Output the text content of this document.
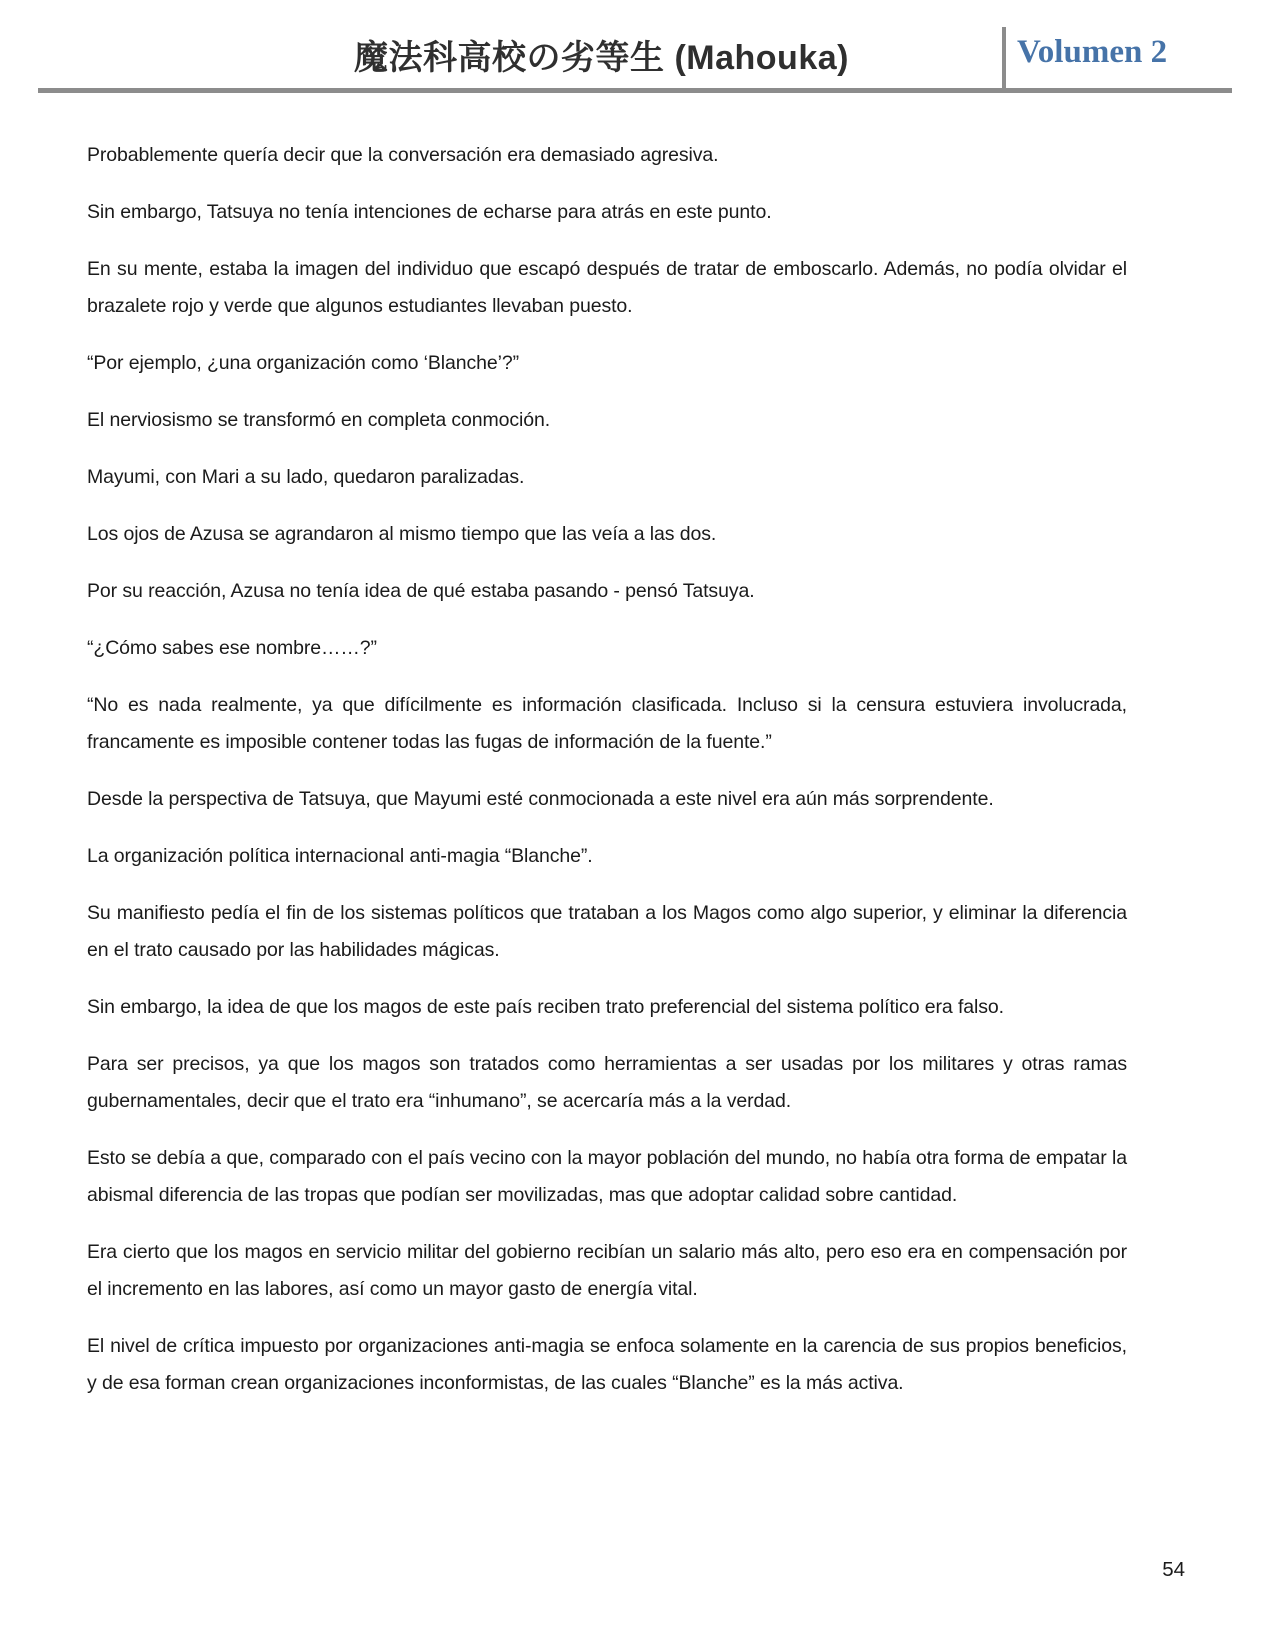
魔法科高校の劣等生 (Mahouka)	Volumen 2

Probablemente quería decir que la conversación era demasiado agresiva.

Sin embargo, Tatsuya no tenía intenciones de echarse para atrás en este punto.

En su mente, estaba la imagen del individuo que escapó después de tratar de emboscarlo. Además, no podía olvidar el brazalete rojo y verde que algunos estudiantes llevaban puesto.

“Por ejemplo, ¿una organización como ‘Blanche’?”

El nerviosismo se transformó en completa conmoción.

Mayumi, con Mari a su lado, quedaron paralizadas.

Los ojos de Azusa se agrandaron al mismo tiempo que las veía a las dos.

Por su reacción, Azusa no tenía idea de qué estaba pasando - pensó Tatsuya.

“¿Cómo sabes ese nombre……?”

“No es nada realmente, ya que difícilmente es información clasificada. Incluso si la censura estuviera involucrada, francamente es imposible contener todas las fugas de información de la fuente.”

Desde la perspectiva de Tatsuya, que Mayumi esté conmocionada a este nivel era aún más sorprendente.

La organización política internacional anti-magia “Blanche”.

Su manifiesto pedía el fin de los sistemas políticos que trataban a los Magos como algo superior, y eliminar la diferencia en el trato causado por las habilidades mágicas.

Sin embargo, la idea de que los magos de este país reciben trato preferencial del sistema político era falso.

Para ser precisos, ya que los magos son tratados como herramientas a ser usadas por los militares y otras ramas gubernamentales, decir que el trato era “inhumano”, se acercaría más a la verdad.

Esto se debía a que, comparado con el país vecino con la mayor población del mundo, no había otra forma de empatar la abismal diferencia de las tropas que podían ser movilizadas, mas que adoptar calidad sobre cantidad.

Era cierto que los magos en servicio militar del gobierno recibían un salario más alto, pero eso era en compensación por el incremento en las labores, así como un mayor gasto de energía vital.

El nivel de crítica impuesto por organizaciones anti-magia se enfoca solamente en la carencia de sus propios beneficios, y de esa forman crean organizaciones inconformistas, de las cuales “Blanche” es la más activa.

54
